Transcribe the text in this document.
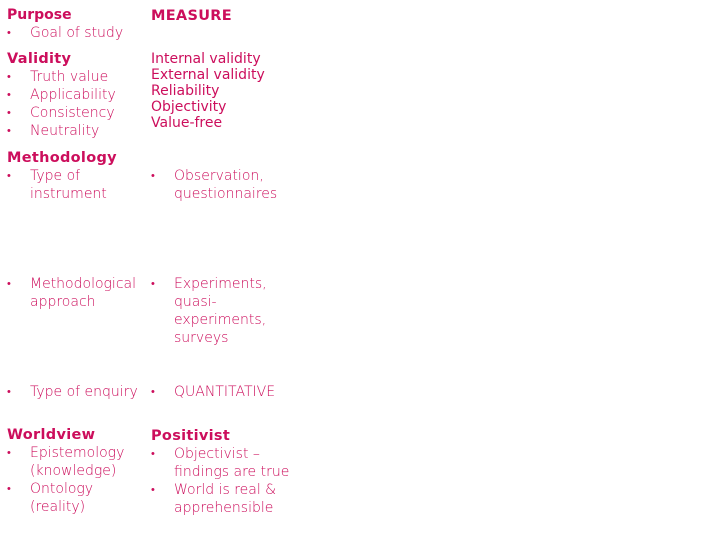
Purpose
• Goal of study
Validity
• Truth value
• Applicability
• Consistency
• Neutrality
Methodology
• Type of instrument
• Methodological approach
• Type of enquiry
Worldview
• Epistemology (knowledge)
• Ontology (reality)
MEASURE
Internal validity
External validity
Reliability
Objectivity
Value-free
• Observation, questionnaires
• Experiments, quasi-experiments, surveys
• QUANTITATIVE
Positivist
• Objectivist – findings are true
• World is real & apprehensible
